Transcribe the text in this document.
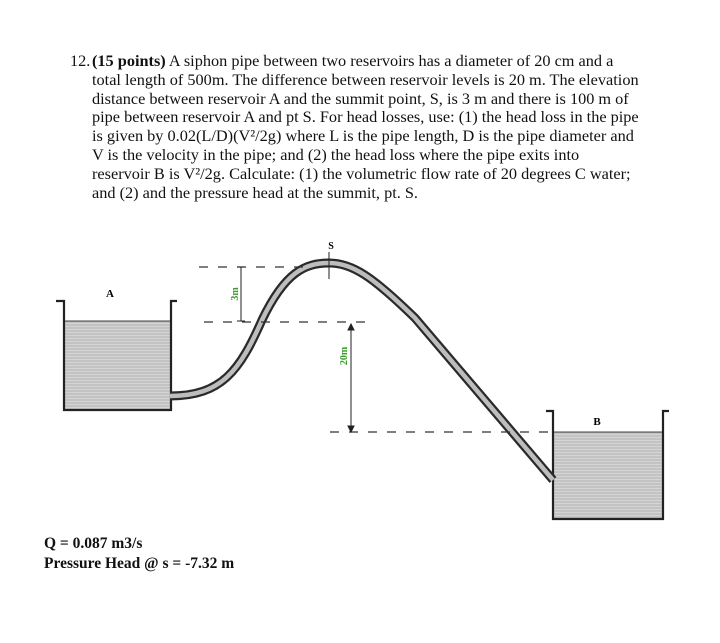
12. (15 points) A siphon pipe between two reservoirs has a diameter of 20 cm and a
total length of 500m. The difference between reservoir levels is 20 m. The elevation
distance between reservoir A and the summit point, S, is 3 m and there is 100 m of
pipe between reservoir A and pt S. For head losses, use: (1) the head loss in the pipe
is given by 0.02(L/D)(V²/2g) where L is the pipe length, D is the pipe diameter and
V is the velocity in the pipe; and (2) the head loss where the pipe exits into
reservoir B is V²/2g. Calculate: (1) the volumetric flow rate of 20 degrees C water;
and (2) and the pressure head at the summit, pt. S.
A
B
S
3m
20m
Q = 0.087 m3/s
Pressure Head @ s = -7.32 m
